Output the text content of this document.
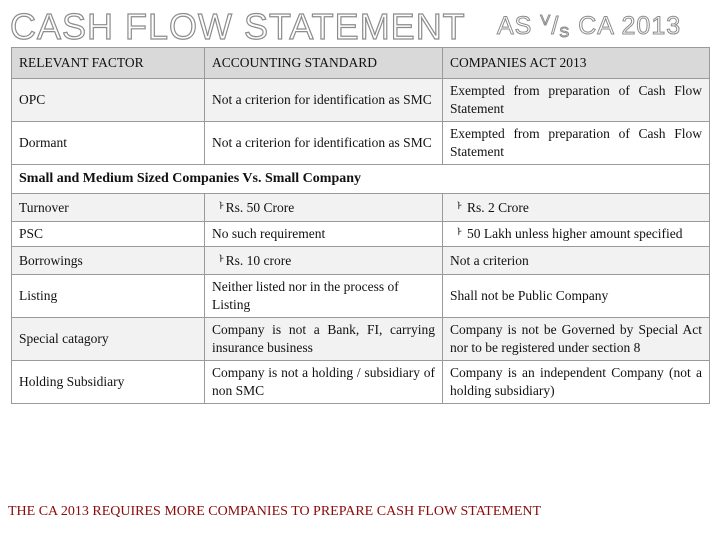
CASH FLOW STATEMENT AS $^V/_S$ CA 2013
RELEVANT FACTOR	ACCOUNTING STANDARD	COMPANIES ACT 2013
OPC	Not a criterion for identification as SMC	Exempted from preparation of Cash Flow Statement
Dormant	Not a criterion for identification as SMC	Exempted from preparation of Cash Flow Statement
Small and Medium Sized Companies Vs. Small Company		
Turnover	ᅡ Rs. 50 Crore	ᅡ Rs. 2 Crore
PSC	No such requirement	ᅡ 50 Lakh unless higher amount specified
Borrowings	ᅡ Rs. 10 crore	Not a criterion
Listing	Neither listed nor in the process of Listing	Shall not be Public Company
Special catagory	Company is not a Bank, FI, carrying insurance business	Company is not be Governed by Special Act nor to be registered under section 8
Holding Subsidiary	Company is not a holding / subsidiary of non SMC	Company is an independent Company (not a holding subsidiary)
THE CA 2013 REQUIRES MORE COMPANIES TO PREPARE CASH FLOW STATEMENT
